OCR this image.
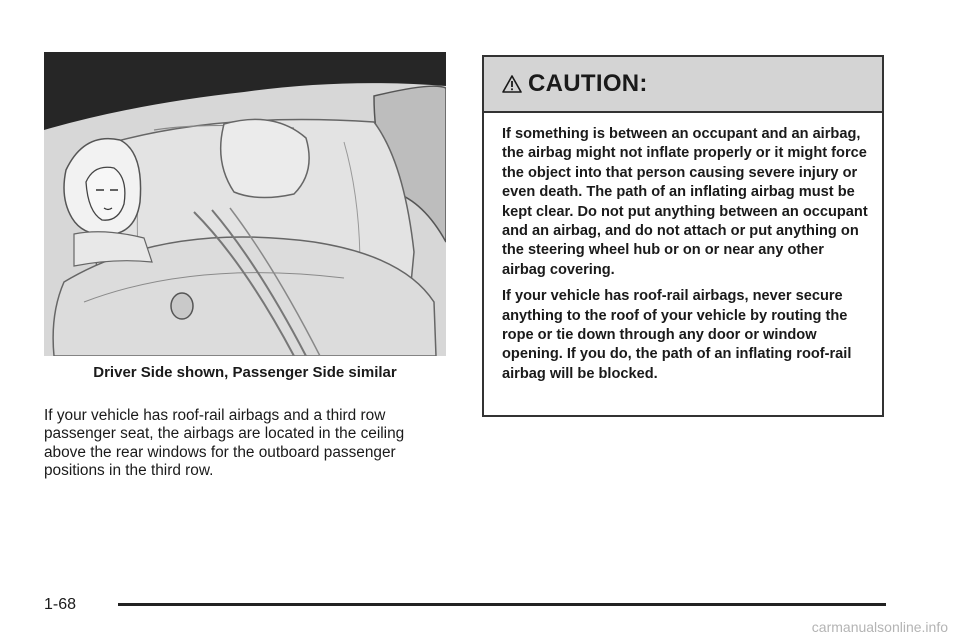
Driver Side shown, Passenger Side similar

If your vehicle has roof-rail airbags and a third row passenger seat, the airbags are located in the ceiling above the rear windows for the outboard passenger positions in the third row.

CAUTION:

If something is between an occupant and an airbag, the airbag might not inflate properly or it might force the object into that person causing severe injury or even death. The path of an inflating airbag must be kept clear. Do not put anything between an occupant and an airbag, and do not attach or put anything on the steering wheel hub or on or near any other airbag covering.

If your vehicle has roof-rail airbags, never secure anything to the roof of your vehicle by routing the rope or tie down through any door or window opening. If you do, the path of an inflating roof-rail airbag will be blocked.

1-68
carmanualsonline.info
